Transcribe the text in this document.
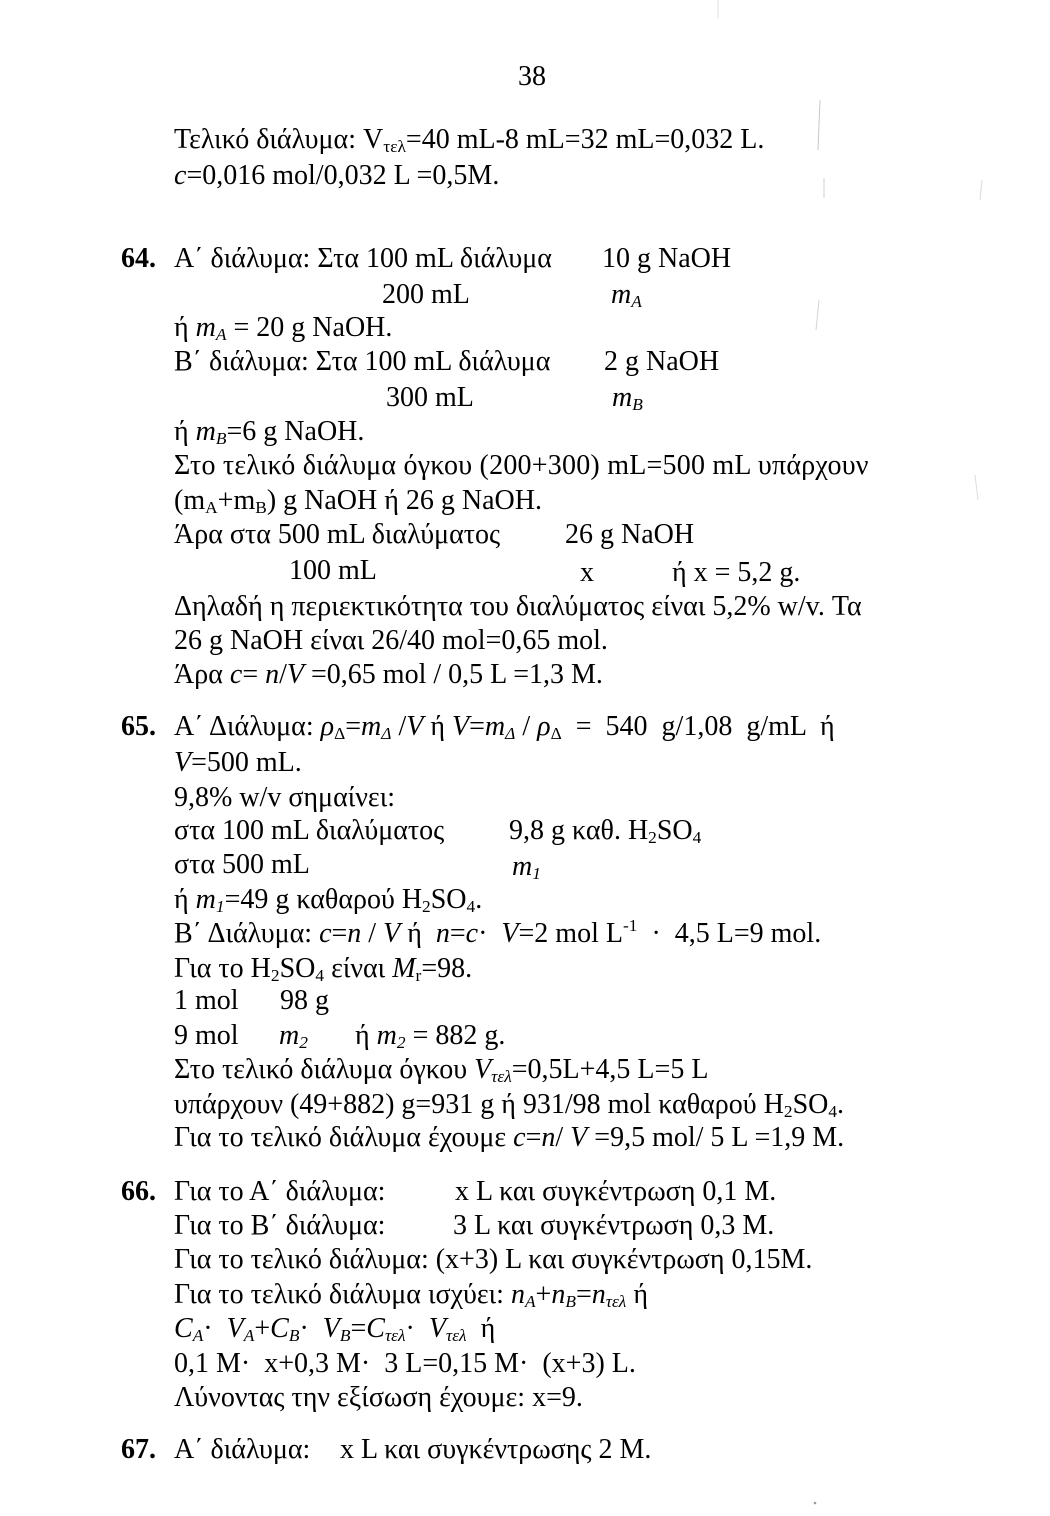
38
Τελικό διάλυμα: $V_{\tau\varepsilon\lambda}=40$ mL-8 mL=32 mL=0,032 L.
c=0,016 mol/0,032 L =0,5M.
64. Α΄ διάλυμα: Στα 100 mL διάλυμα 10 g NaOH
200 mL	$m_A$
ή $m_A = 20$ g NaOH.
Β΄ διάλυμα: Στα 100 mL διάλυμα 2 g NaOH
300 mL	$m_B$
ή $m_B=6$ g NaOH.
Στο τελικό διάλυμα όγκου (200+300) mL=500 mL υπάρχουν
$(m_A+m_B)$ g NaOH ή 26 g NaOH.
Άρα στα 500 mL διαλύματος 26 g NaOH
100 mL	x	ή x = 5,2 g.
Δηλαδή η περιεκτικότητα του διαλύματος είναι 5,2% w/v. Τα
26 g NaOH είναι 26/40 mol=0,65 mol.
Άρα c= n/V =0,65 mol / 0,5 L =1,3 M.
65. Α΄ Διάλυμα: $\rho_\Delta=m_\Delta$ /V ή $V=m_\Delta / \rho_\Delta = 540$  g/1,08  g/mL  ή
V=500 mL.
9,8% w/v σημαίνει:
στα 100 mL διαλύματος 9,8 g καθ. $H_2SO_4$
στα 500 mL	$m_1$
ή $m_1=49$ g καθαρού $H_2SO_4$.
Β΄ Διάλυμα: c=n / V ή  n=c·  V=2 mol $L^{-1} \cdot 4,5$ L=9 mol.
Για το $H_2SO_4$ είναι $M_r=98$.
1 mol 98 g
9 mol $m_2$ ή $m_2 = 882$ g.
Στο τελικό διάλυμα όγκου $V_{\tau\varepsilon\lambda}=0,5L+4,5$ L=5 L
υπάρχουν (49+882) g=931 g ή 931/98 mol καθαρού $H_2SO_4$.
Για το τελικό διάλυμα έχουμε c=n/ V =9,5 mol/ 5 L =1,9 M.
66. Για το Α΄ διάλυμα: x L και συγκέντρωση 0,1 M.
Για το Β΄ διάλυμα: 3 L και συγκέντρωση 0,3 M.
Για το τελικό διάλυμα: (x+3) L και συγκέντρωση 0,15M.
Για το τελικό διάλυμα ισχύει: $n_A+n_B=n_{\tau\varepsilon\lambda}$ ή
$C_A\cdot V_A+C_B\cdot V_B=C_{\tau\varepsilon\lambda}\cdot V_{\tau\varepsilon\lambda}$  ή
0,1 M·  x+0,3 M·  3 L=0,15 M·  (x+3) L.
Λύνοντας την εξίσωση έχουμε: x=9.
67. Α΄ διάλυμα: x L και συγκέντρωσης 2 M.
